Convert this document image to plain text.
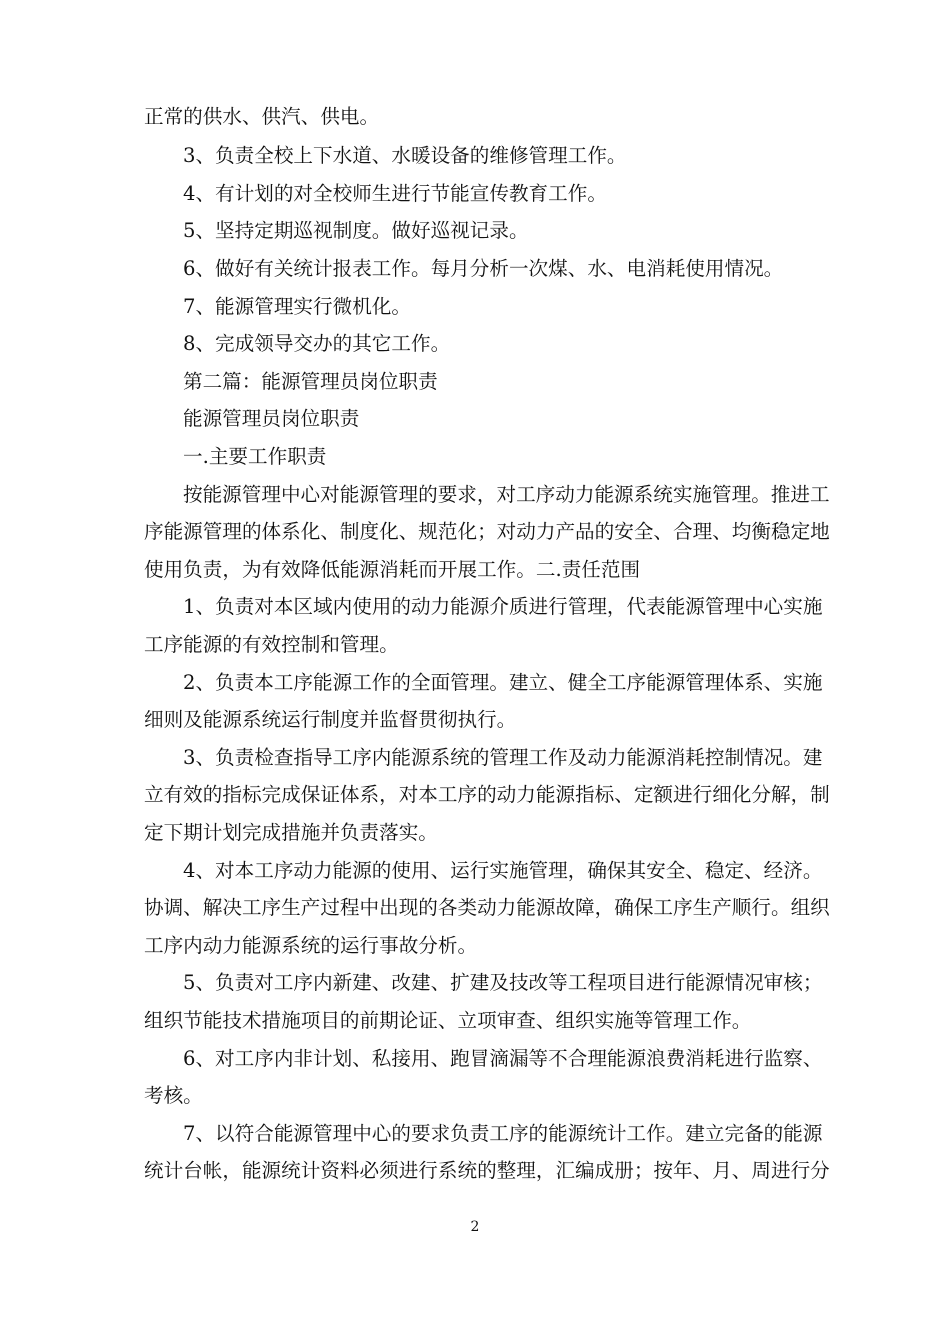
正常的供水、供汽、供电。
3、负责全校上下水道、水暖设备的维修管理工作。
4、有计划的对全校师生进行节能宣传教育工作。
5、坚持定期巡视制度。做好巡视记录。
6、做好有关统计报表工作。每月分析一次煤、水、电消耗使用情况。
7、能源管理实行微机化。
8、完成领导交办的其它工作。
第二篇：能源管理员岗位职责
能源管理员岗位职责
一.主要工作职责
按能源管理中心对能源管理的要求，对工序动力能源系统实施管理。推进工
序能源管理的体系化、制度化、规范化；对动力产品的安全、合理、均衡稳定地
使用负责，为有效降低能源消耗而开展工作。二.责任范围
1、负责对本区域内使用的动力能源介质进行管理，代表能源管理中心实施
工序能源的有效控制和管理。
2、负责本工序能源工作的全面管理。建立、健全工序能源管理体系、实施
细则及能源系统运行制度并监督贯彻执行。
3、负责检查指导工序内能源系统的管理工作及动力能源消耗控制情况。建
立有效的指标完成保证体系，对本工序的动力能源指标、定额进行细化分解，制
定下期计划完成措施并负责落实。
4、对本工序动力能源的使用、运行实施管理，确保其安全、稳定、经济。
协调、解决工序生产过程中出现的各类动力能源故障，确保工序生产顺行。组织
工序内动力能源系统的运行事故分析。
5、负责对工序内新建、改建、扩建及技改等工程项目进行能源情况审核；
组织节能技术措施项目的前期论证、立项审查、组织实施等管理工作。
6、对工序内非计划、私接用、跑冒滴漏等不合理能源浪费消耗进行监察、
考核。
7、以符合能源管理中心的要求负责工序的能源统计工作。建立完备的能源
统计台帐，能源统计资料必须进行系统的整理，汇编成册；按年、月、周进行分
2
